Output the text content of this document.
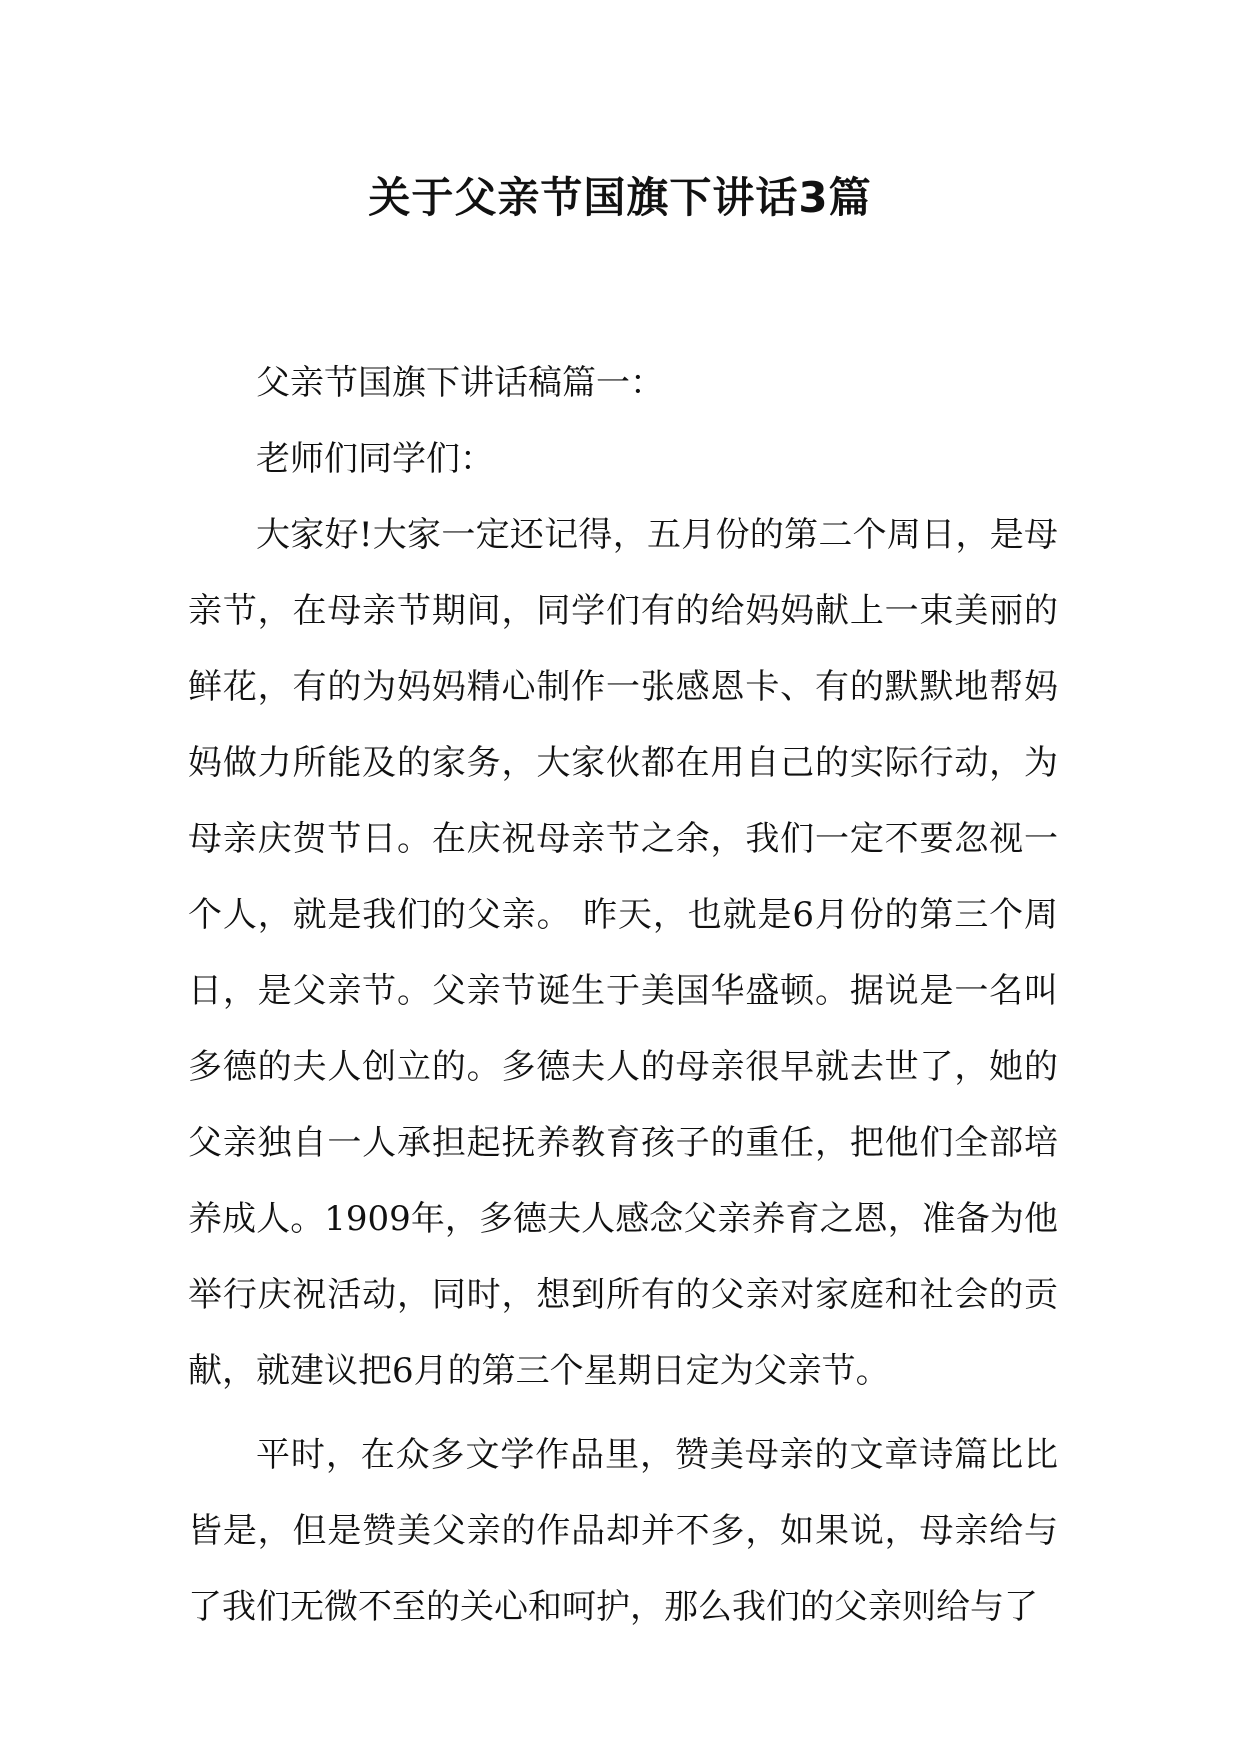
关于父亲节国旗下讲话3篇

父亲节国旗下讲话稿篇一：

老师们同学们：

大家好!大家一定还记得，五月份的第二个周日，是母亲节，在母亲节期间，同学们有的给妈妈献上一束美丽的鲜花，有的为妈妈精心制作一张感恩卡、有的默默地帮妈妈做力所能及的家务，大家伙都在用自己的实际行动，为母亲庆贺节日。在庆祝母亲节之余，我们一定不要忽视一个人，就是我们的父亲。 昨天，也就是6月份的第三个周日，是父亲节。父亲节诞生于美国华盛顿。据说是一名叫多德的夫人创立的。多德夫人的母亲很早就去世了，她的父亲独自一人承担起抚养教育孩子的重任，把他们全部培养成人。1909年，多德夫人感念父亲养育之恩，准备为他举行庆祝活动，同时，想到所有的父亲对家庭和社会的贡献，就建议把6月的第三个星期日定为父亲节。

平时，在众多文学作品里，赞美母亲的文章诗篇比比皆是，但是赞美父亲的作品却并不多，如果说，母亲给与了我们无微不至的关心和呵护，那么我们的父亲则给与了
